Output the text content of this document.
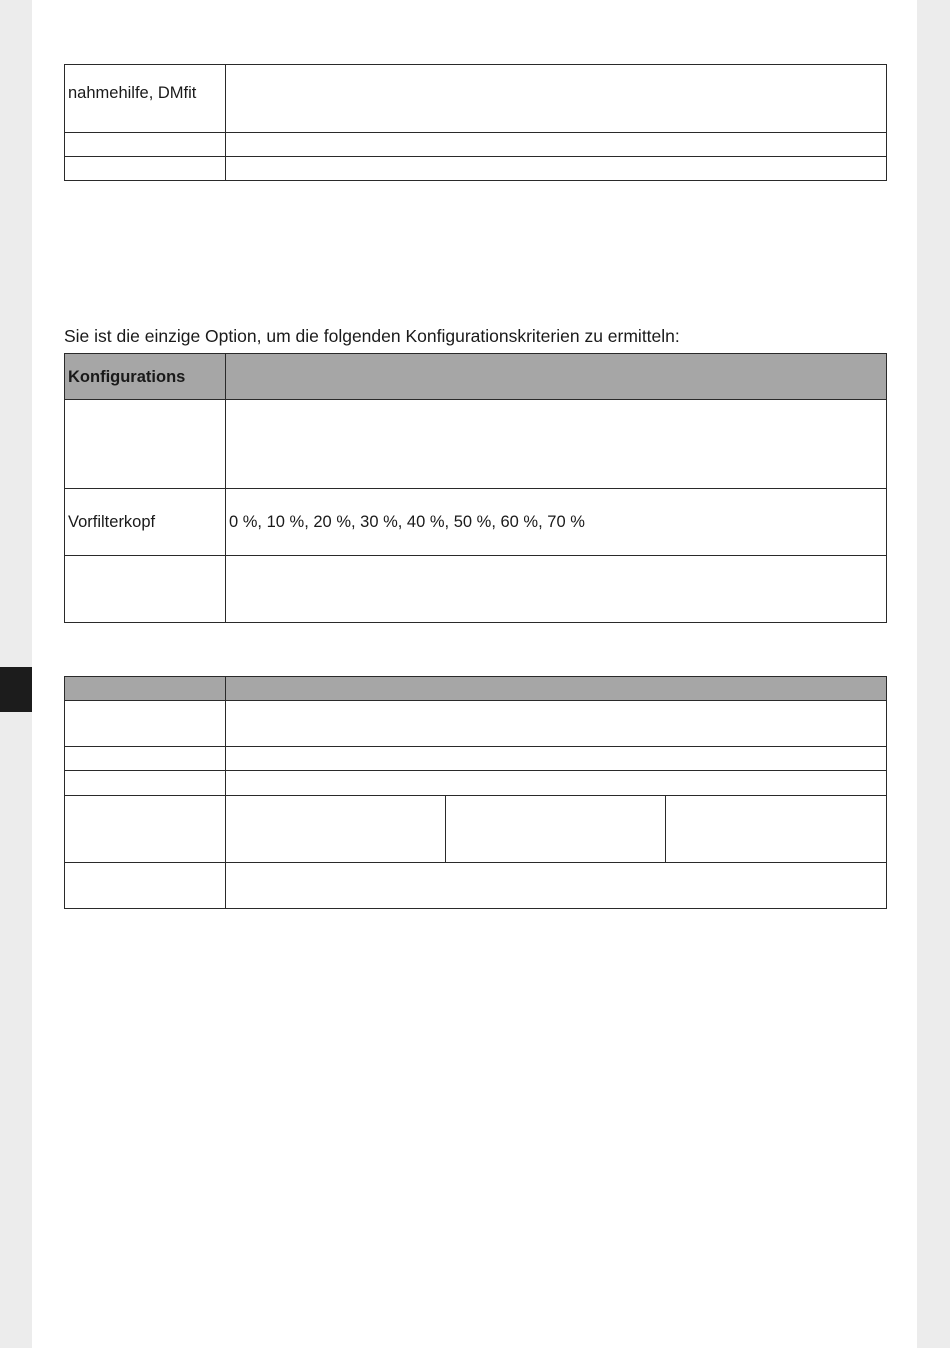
nahmehilfe, DMfit	

Sie ist die einzige Option, um die folgenden Konfigurationskriterien zu ermitteln:
Konfigurations	

Vorfilterkopf	0 %, 10 %, 20 %, 30 %, 40 %, 50 %, 60 %, 70 %
